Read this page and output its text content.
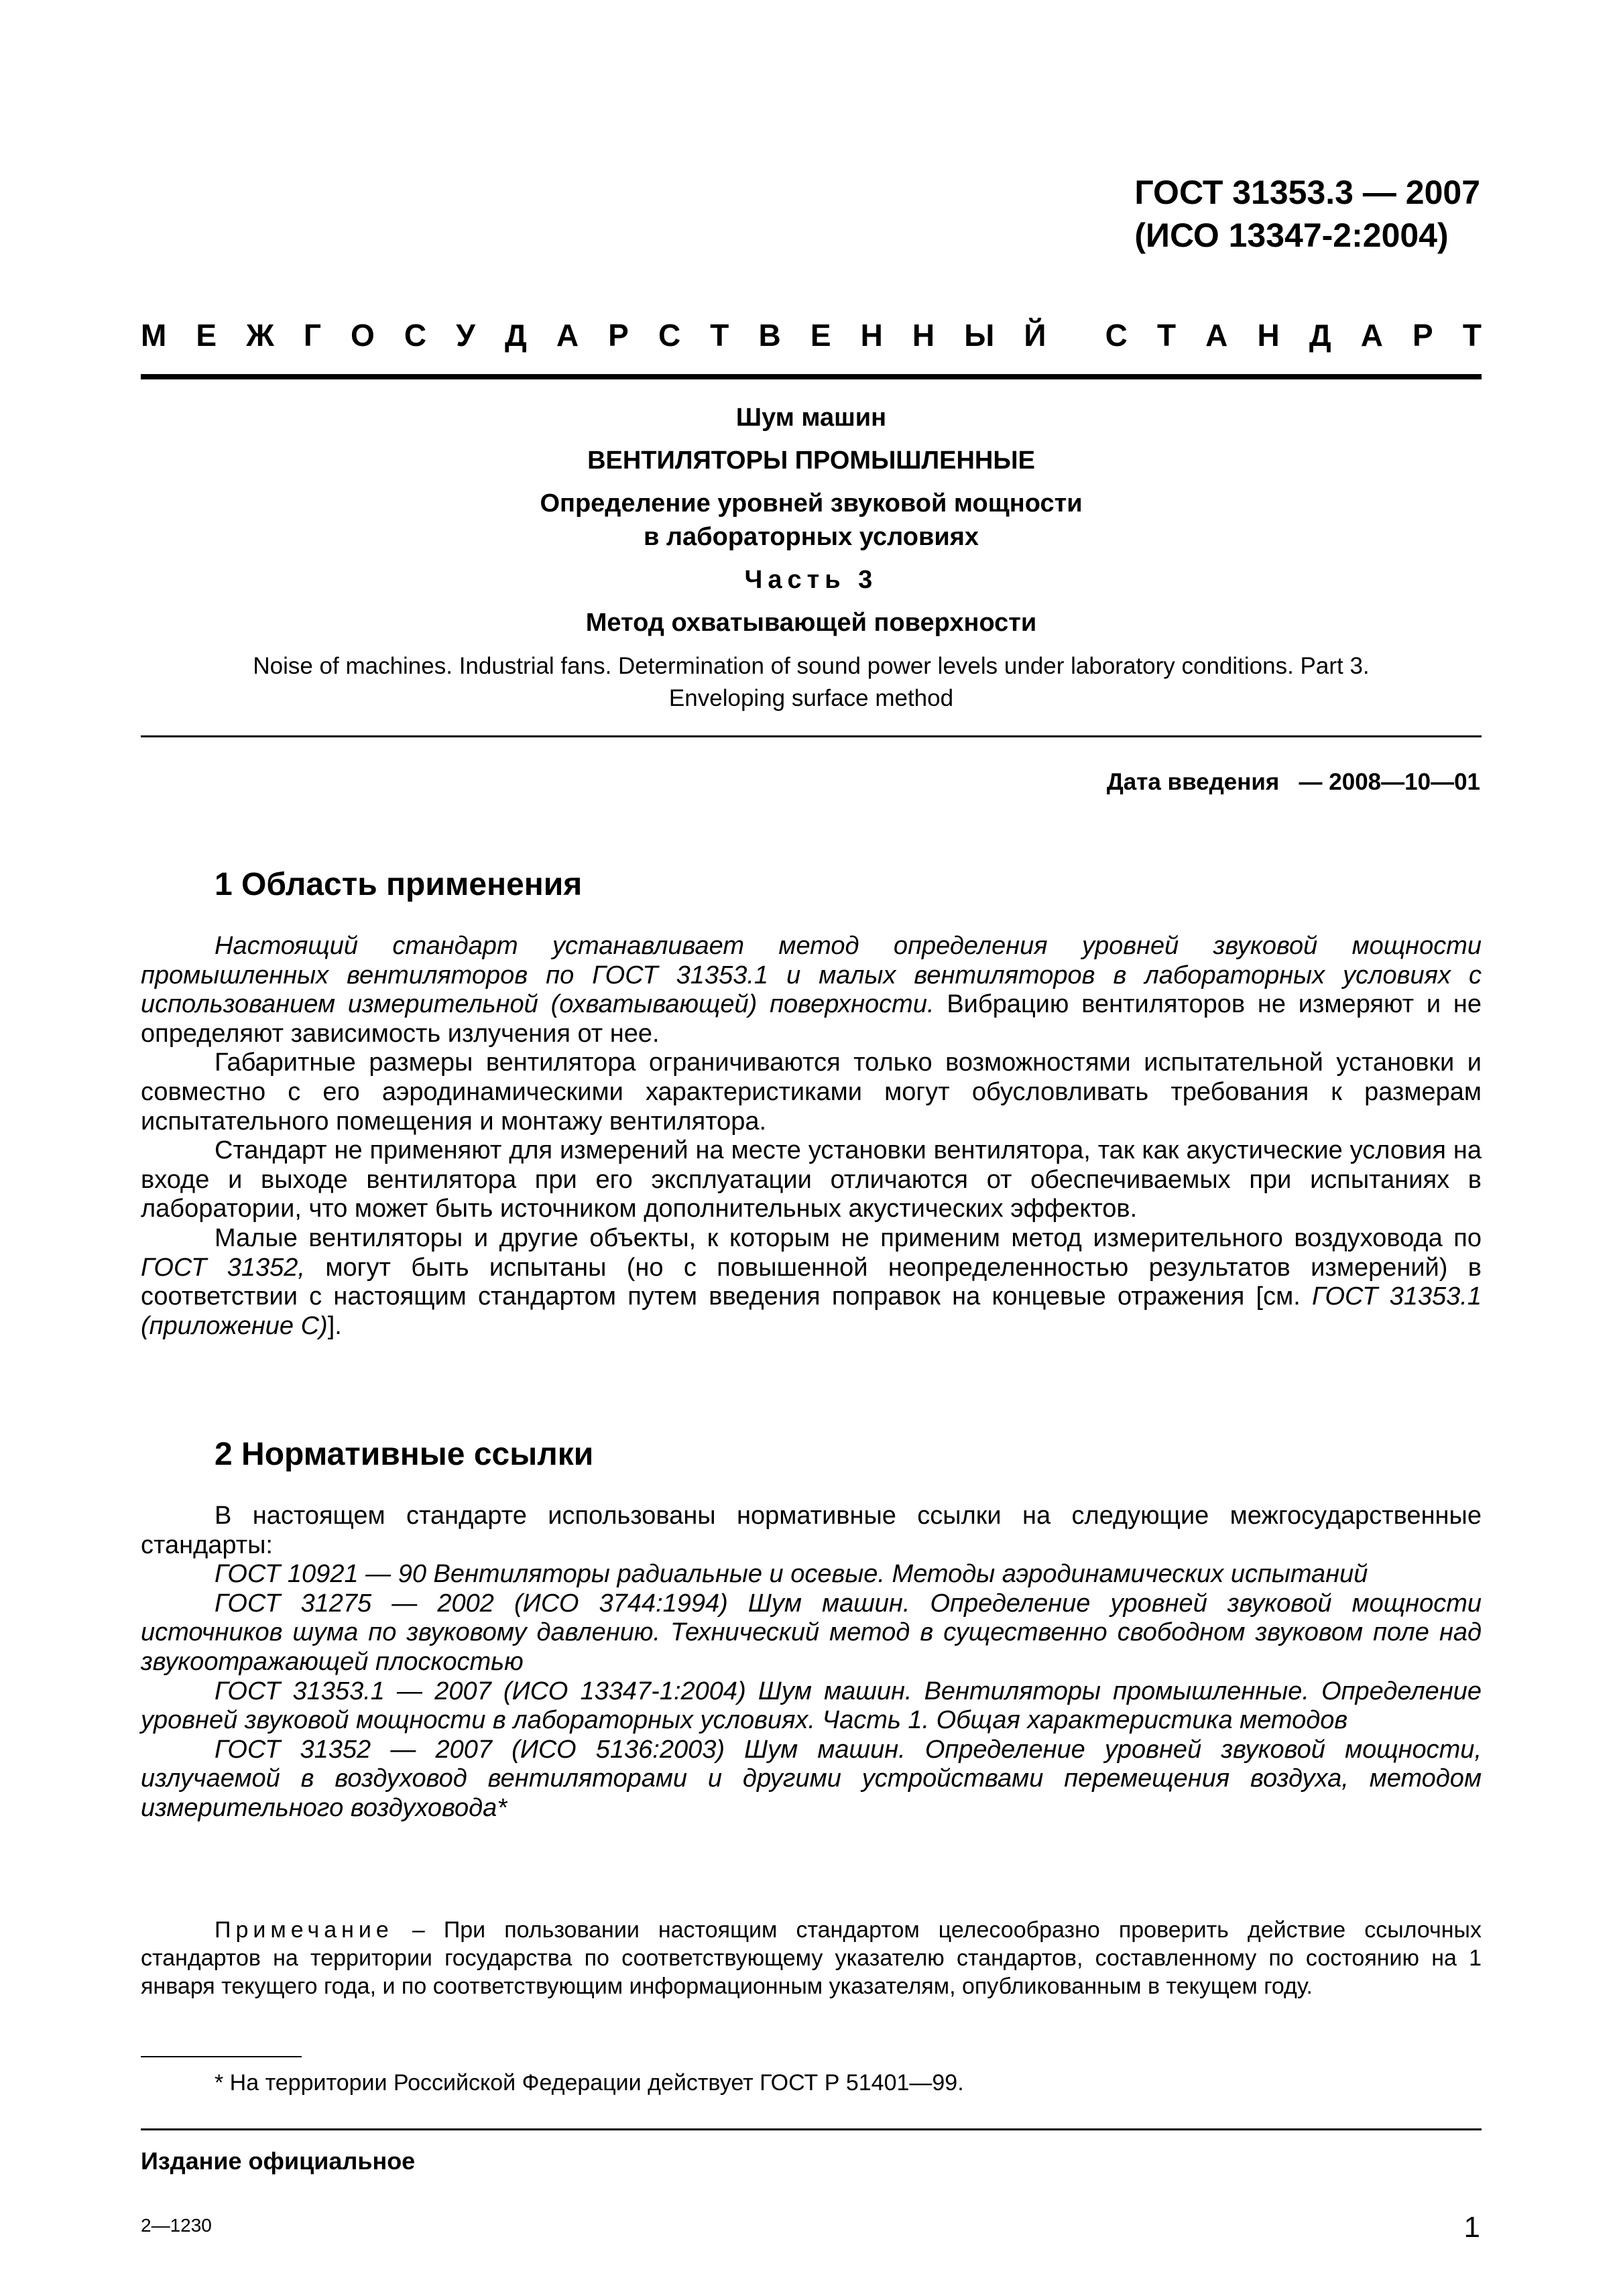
ГОСТ 31353.3 — 2007
(ИСО 13347-2:2004)
М Е Ж Г О С У Д А Р С Т В Е Н Н Ы Й С Т А Н Д А Р Т
Шум машин
ВЕНТИЛЯТОРЫ ПРОМЫШЛЕННЫЕ
Определение уровней звуковой мощности
в лабораторных условиях
Часть 3
Метод охватывающей поверхности
Noise of machines. Industrial fans. Determination of sound power levels under laboratory conditions. Part 3.
Enveloping surface method
Дата введения — 2008—10—01
1 Область применения

Настоящий стандарт устанавливает метод определения уровней звуковой мощности промышленных вентиляторов по ГОСТ 31353.1 и малых вентиляторов в лабораторных условиях с использованием измерительной (охватывающей) поверхности. Вибрацию вентиляторов не измеряют и не определяют зависимость излучения от нее.

Габаритные размеры вентилятора ограничиваются только возможностями испытательной установки и совместно с его аэродинамическими характеристиками могут обусловливать требования к размерам испытательного помещения и монтажу вентилятора.

Стандарт не применяют для измерений на месте установки вентилятора, так как акустические условия на входе и выходе вентилятора при его эксплуатации отличаются от обеспечиваемых при испытаниях в лаборатории, что может быть источником дополнительных акустических эффектов.

Малые вентиляторы и другие объекты, к которым не применим метод измерительного воздуховода по ГОСТ 31352, могут быть испытаны (но с повышенной неопределенностью результатов измерений) в соответствии с настоящим стандартом путем введения поправок на концевые отражения [см. ГОСТ 31353.1 (приложение С)].

2 Нормативные ссылки

В настоящем стандарте использованы нормативные ссылки на следующие межгосударственные стандарты:

ГОСТ 10921 — 90 Вентиляторы радиальные и осевые. Методы аэродинамических испытаний

ГОСТ 31275 — 2002 (ИСО 3744:1994) Шум машин. Определение уровней звуковой мощности источников шума по звуковому давлению. Технический метод в существенно свободном звуковом поле над звукоотражающей плоскостью

ГОСТ 31353.1 — 2007 (ИСО 13347-1:2004) Шум машин. Вентиляторы промышленные. Определение уровней звуковой мощности в лабораторных условиях. Часть 1. Общая характеристика методов

ГОСТ 31352 — 2007 (ИСО 5136:2003) Шум машин. Определение уровней звуковой мощности, излучаемой в воздуховод вентиляторами и другими устройствами перемещения воздуха, методом измерительного воздуховода*

Примечание – При пользовании настоящим стандартом целесообразно проверить действие ссылочных стандартов на территории государства по соответствующему указателю стандартов, составленному по состоянию на 1 января текущего года, и по соответствующим информационным указателям, опубликованным в текущем году.

* На территории Российской Федерации действует ГОСТ Р 51401—99.
Издание официальное
2—1230	1
